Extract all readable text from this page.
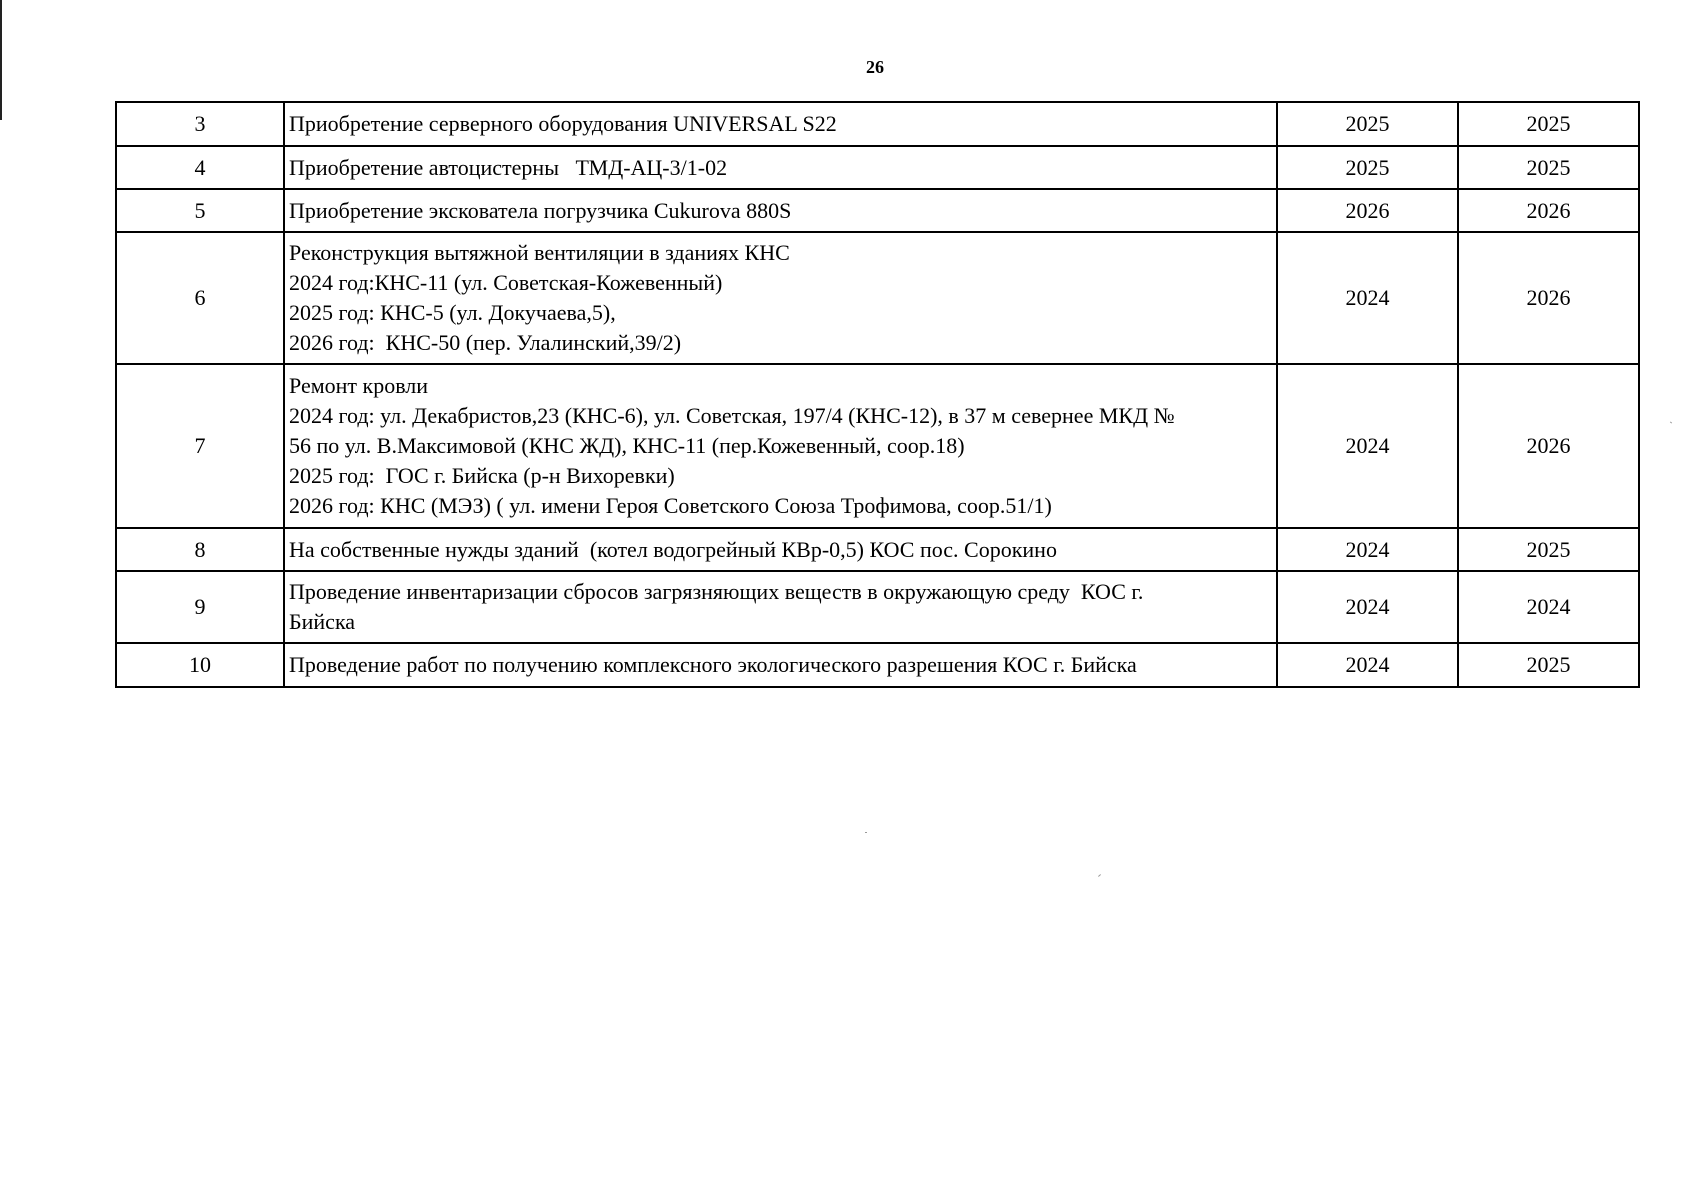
26
3	Приобретение серверного оборудования UNIVERSAL S22	2025	2025
4	Приобретение автоцистерны   ТМД-АЦ-3/1-02	2025	2025
5	Приобретение экскователа погрузчика Cukurova 880S	2026	2026
6	Реконструкция вытяжной вентиляции в зданиях КНС
2024 год:КНС-11 (ул. Советская-Кожевенный)
2025 год: КНС-5 (ул. Докучаева,5),
2026 год:  КНС-50 (пер. Улалинский,39/2)	2024	2026
7	Ремонт кровли
2024 год: ул. Декабристов,23 (КНС-6), ул. Советская, 197/4 (КНС-12), в 37 м севернее МКД №
56 по ул. В.Максимовой (КНС ЖД), КНС-11 (пер.Кожевенный, соор.18)
2025 год:  ГОС г. Бийска (р-н Вихоревки)
2026 год: КНС (МЭЗ) ( ул. имени Героя Советского Союза Трофимова, соор.51/1)	2024	2026
8	На собственные нужды зданий  (котел водогрейный КВр-0,5) КОС пос. Сорокино	2024	2025
9	Проведение инвентаризации сбросов загрязняющих веществ в окружающую среду  КОС г.
Бийска	2024	2024
10	Проведение работ по получению комплексного экологического разрешения КОС г. Бийска	2024	2025
